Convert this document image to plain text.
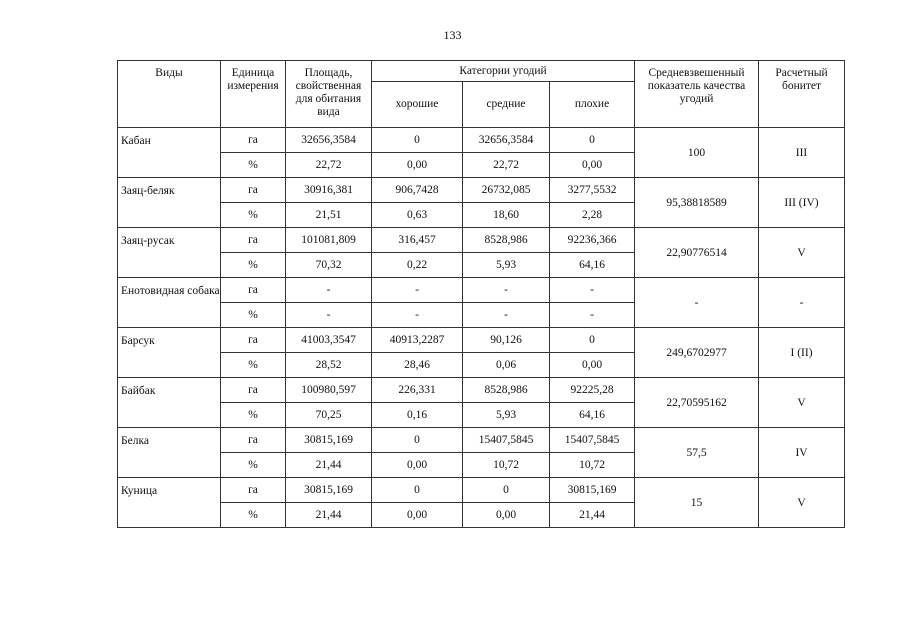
133
Виды	Единица измерения	Площадь, свойственная для обитания вида	Категории угодий			Средневзвешенный показатель качества угодий	Расчетный бонитет
			хорошие	средние	плохие		
Кабан	га	32656,3584	0	32656,3584	0	100	III
	%	22,72	0,00	22,72	0,00		
Заяц-беляк	га	30916,381	906,7428	26732,085	3277,5532	95,38818589	III (IV)
	%	21,51	0,63	18,60	2,28		
Заяц-русак	га	101081,809	316,457	8528,986	92236,366	22,90776514	V
	%	70,32	0,22	5,93	64,16		
Енотовидная собака	га	-	-	-	-	-	-
	%	-	-	-	-		
Барсук	га	41003,3547	40913,2287	90,126	0	249,6702977	I (II)
	%	28,52	28,46	0,06	0,00		
Байбак	га	100980,597	226,331	8528,986	92225,28	22,70595162	V
	%	70,25	0,16	5,93	64,16		
Белка	га	30815,169	0	15407,5845	15407,5845	57,5	IV
	%	21,44	0,00	10,72	10,72		
Куница	га	30815,169	0	0	30815,169	15	V
	%	21,44	0,00	0,00	21,44		
